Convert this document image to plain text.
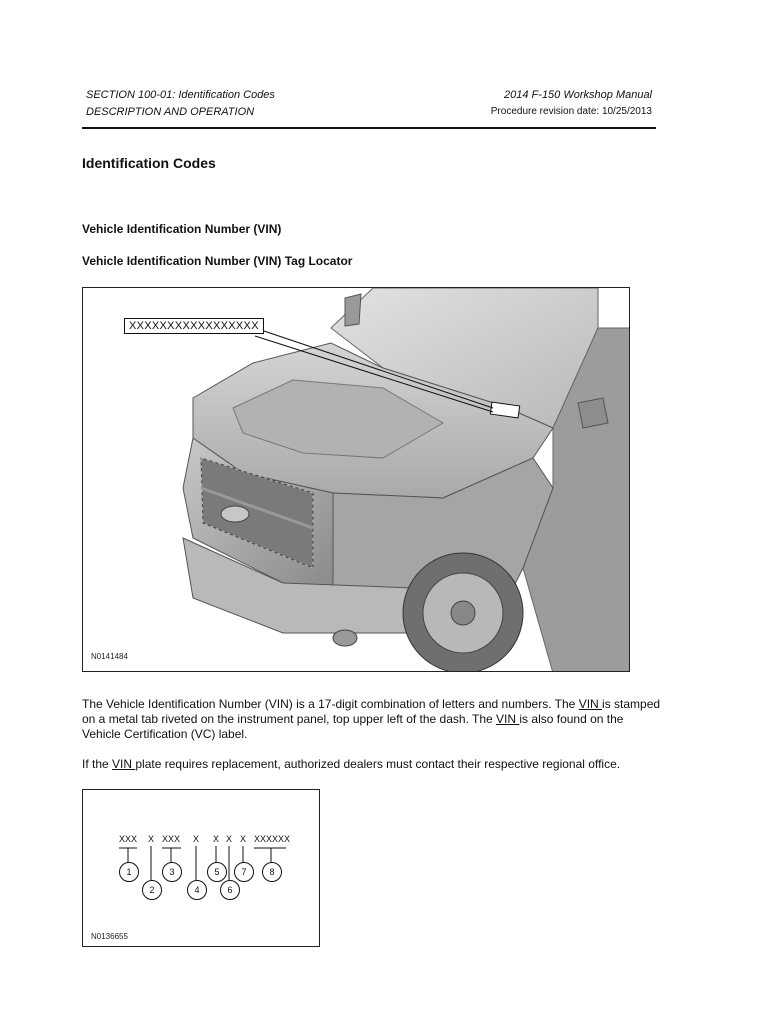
SECTION 100-01: Identification Codes
DESCRIPTION AND OPERATION
2014 F-150 Workshop Manual
Procedure revision date: 10/25/2013
Identification Codes
Vehicle Identification Number (VIN)
Vehicle Identification Number (VIN) Tag Locator
XXXXXXXXXXXXXXXXX
N0141484

The Vehicle Identification Number (VIN) is a 17-digit combination of letters and numbers. The VIN is stamped on a metal tab riveted on the instrument panel, top upper left of the dash. The VIN is also found on the Vehicle Certification (VC) label.

If the VIN plate requires replacement, authorized dealers must contact their respective regional office.

XXX X XXX X X X X XXXXXX
1
2
3
4
5
6
7	8
N0136655
